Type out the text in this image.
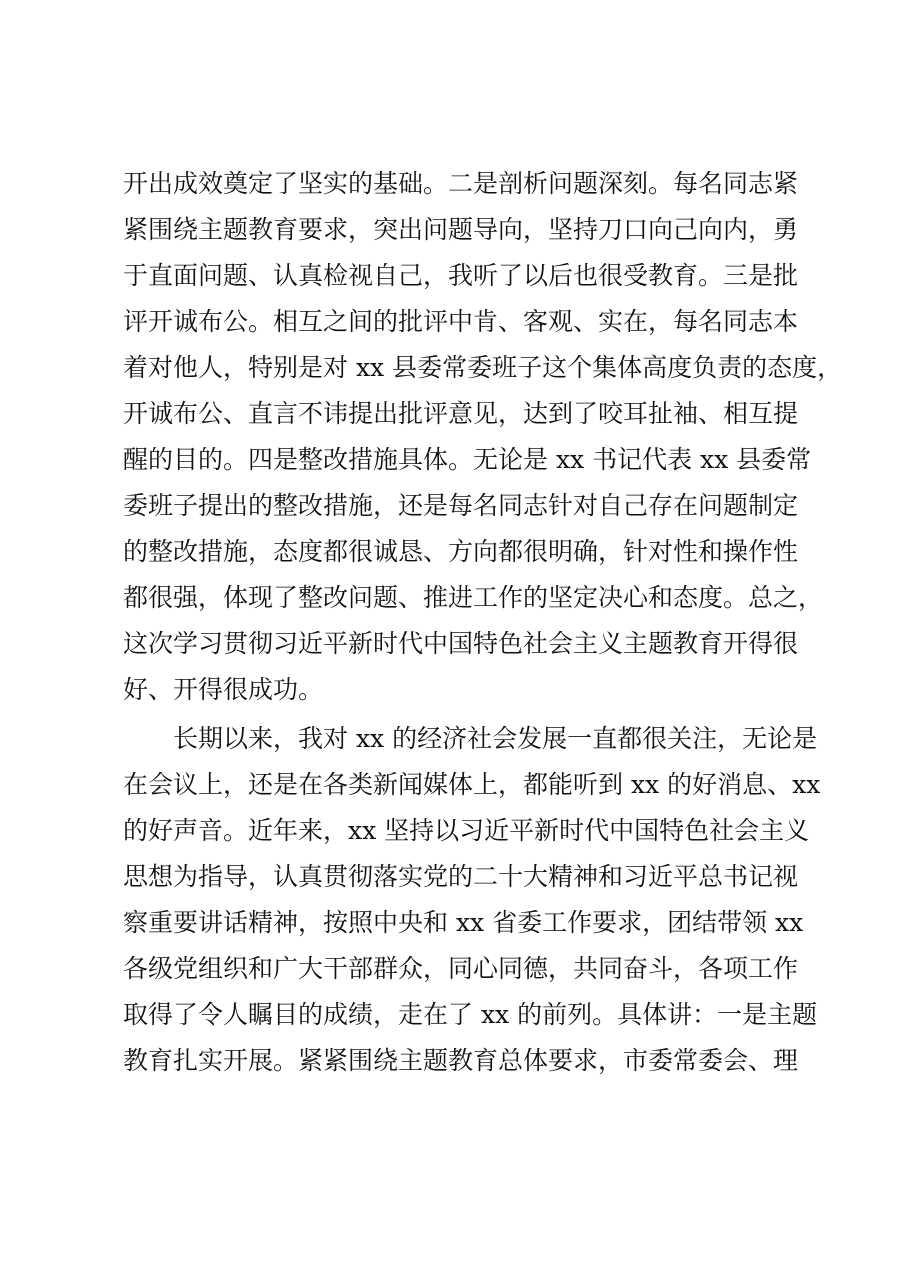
开出成效奠定了坚实的基础。二是剖析问题深刻。每名同志紧
紧围绕主题教育要求，突出问题导向，坚持刀口向己向内，勇
于直面问题、认真检视自己，我听了以后也很受教育。三是批
评开诚布公。相互之间的批评中肯、客观、实在，每名同志本
着对他人，特别是对 xx 县委常委班子这个集体高度负责的态度，
开诚布公、直言不讳提出批评意见，达到了咬耳扯袖、相互提
醒的目的。四是整改措施具体。无论是 xx 书记代表 xx 县委常
委班子提出的整改措施，还是每名同志针对自己存在问题制定
的整改措施，态度都很诚恳、方向都很明确，针对性和操作性
都很强，体现了整改问题、推进工作的坚定决心和态度。总之，
这次学习贯彻习近平新时代中国特色社会主义主题教育开得很
好、开得很成功。
长期以来，我对 xx 的经济社会发展一直都很关注，无论是
在会议上，还是在各类新闻媒体上，都能听到 xx 的好消息、xx
的好声音。近年来，xx 坚持以习近平新时代中国特色社会主义
思想为指导，认真贯彻落实党的二十大精神和习近平总书记视
察重要讲话精神，按照中央和 xx 省委工作要求，团结带领 xx
各级党组织和广大干部群众，同心同德，共同奋斗，各项工作
取得了令人瞩目的成绩，走在了 xx 的前列。具体讲：一是主题
教育扎实开展。紧紧围绕主题教育总体要求，市委常委会、理
